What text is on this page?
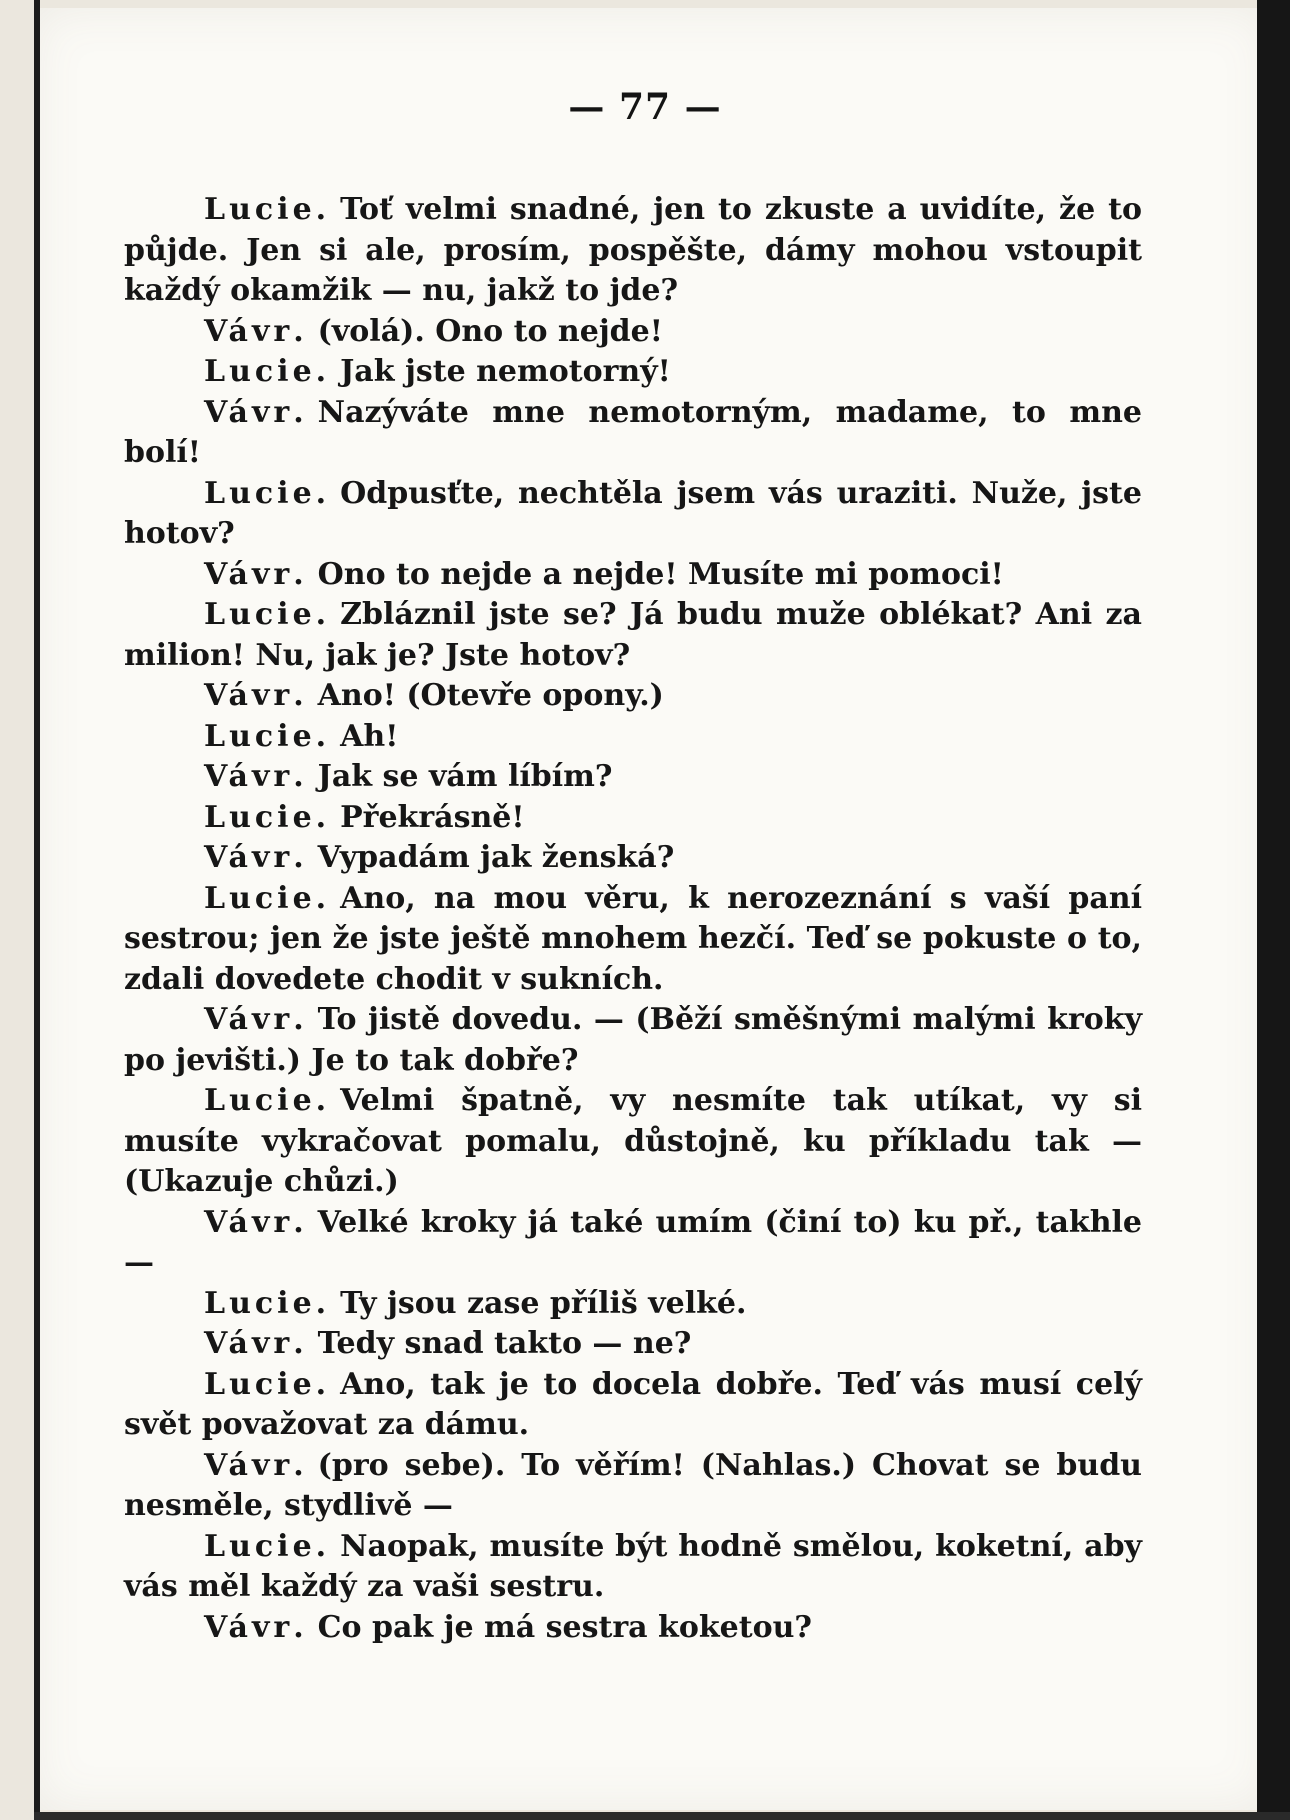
— 77 —

Lucie. Toť velmi snadné, jen to zkuste a uvidíte, že to půjde. Jen si ale, prosím, pospěšte, dámy mohou vstoupit každý okamžik — nu, jakž to jde?

Vávr. (volá). Ono to nejde!

Lucie. Jak jste nemotorný!

Vávr. Nazýváte mne nemotorným, madame, to mne bolí!

Lucie. Odpusťte, nechtěla jsem vás uraziti. Nuže, jste hotov?

Vávr. Ono to nejde a nejde! Musíte mi pomoci!

Lucie. Zbláznil jste se? Já budu muže oblékat? Ani za milion! Nu, jak je? Jste hotov?

Vávr. Ano! (Otevře opony.)

Lucie. Ah!

Vávr. Jak se vám líbím?

Lucie. Překrásně!

Vávr. Vypadám jak ženská?

Lucie. Ano, na mou věru, k nerozeznání s vaší paní sestrou; jen že jste ještě mnohem hezčí. Teď se pokuste o to, zdali dovedete chodit v sukních.

Vávr. To jistě dovedu. — (Běží směšnými malými kroky po jevišti.) Je to tak dobře?

Lucie. Velmi špatně, vy nesmíte tak utíkat, vy si musíte vykračovat pomalu, důstojně, ku příkladu tak — (Ukazuje chůzi.)

Vávr. Velké kroky já také umím (činí to) ku př., takhle —

Lucie. Ty jsou zase příliš velké.

Vávr. Tedy snad takto — ne?

Lucie. Ano, tak je to docela dobře. Teď vás musí celý svět považovat za dámu.

Vávr. (pro sebe). To věřím! (Nahlas.) Chovat se budu nesměle, stydlivě —

Lucie. Naopak, musíte být hodně smělou, koketní, aby vás měl každý za vaši sestru.

Vávr. Co pak je má sestra koketou?
